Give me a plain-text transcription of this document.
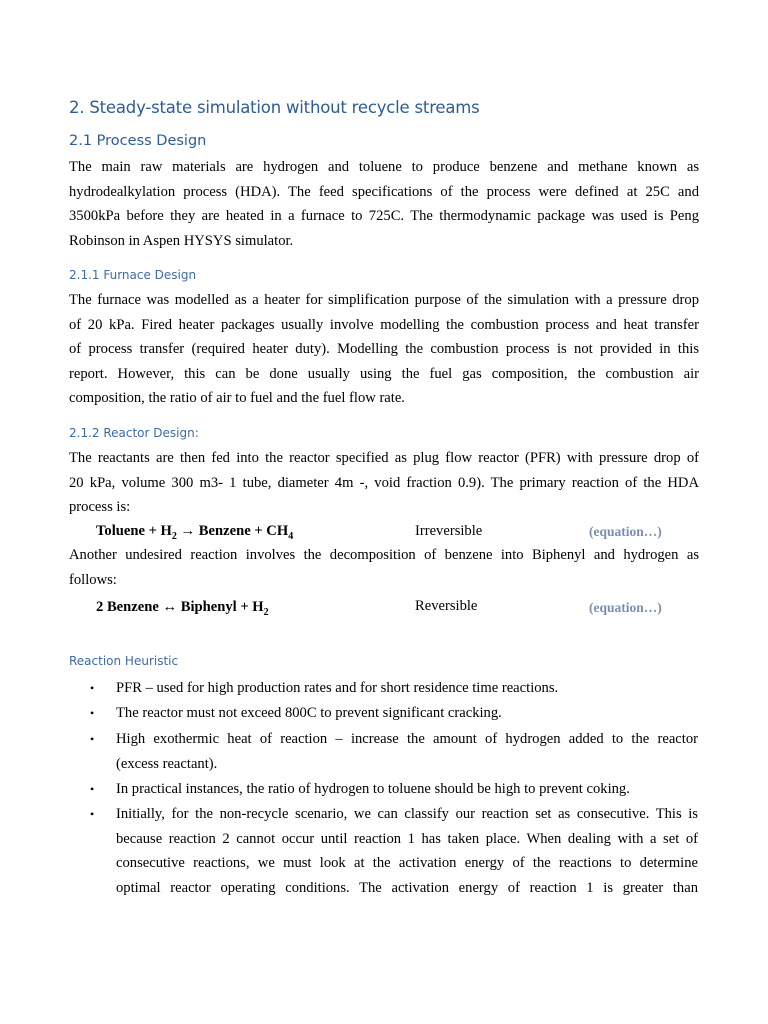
2. Steady-state simulation without recycle streams
2.1 Process Design
The main raw materials are hydrogen and toluene to produce benzene and methane known as
hydrodealkylation process (HDA). The feed specifications of the process were defined at 25C and
3500kPa before they are heated in a furnace to 725C. The thermodynamic package was used is Peng
Robinson in Aspen HYSYS simulator.
2.1.1 Furnace Design
The furnace was modelled as a heater for simplification purpose of the simulation with a pressure drop
of 20 kPa. Fired heater packages usually involve modelling the combustion process and heat transfer
of process transfer (required heater duty). Modelling the combustion process is not provided in this
report. However, this can be done usually using the fuel gas composition, the combustion air
composition, the ratio of air to fuel and the fuel flow rate.
2.1.2 Reactor Design:
The reactants are then fed into the reactor specified as plug flow reactor (PFR) with pressure drop of
20 kPa, volume 300 m3- 1 tube, diameter 4m -, void fraction 0.9). The primary reaction of the HDA
process is:
Toluene + $H_2$ → Benzene + $CH_4$	Irreversible	(equation…)
Another undesired reaction involves the decomposition of benzene into Biphenyl and hydrogen as
follows:
2 Benzene ↔ Biphenyl + $H_2$	Reversible	(equation…)
Reaction Heuristic
• PFR – used for high production rates and for short residence time reactions.
• The reactor must not exceed 800C to prevent significant cracking.
• High exothermic heat of reaction – increase the amount of hydrogen added to the reactor
(excess reactant).
• In practical instances, the ratio of hydrogen to toluene should be high to prevent coking.
• Initially, for the non-recycle scenario, we can classify our reaction set as consecutive. This is
because reaction 2 cannot occur until reaction 1 has taken place. When dealing with a set of
consecutive reactions, we must look at the activation energy of the reactions to determine
optimal reactor operating conditions. The activation energy of reaction 1 is greater than
